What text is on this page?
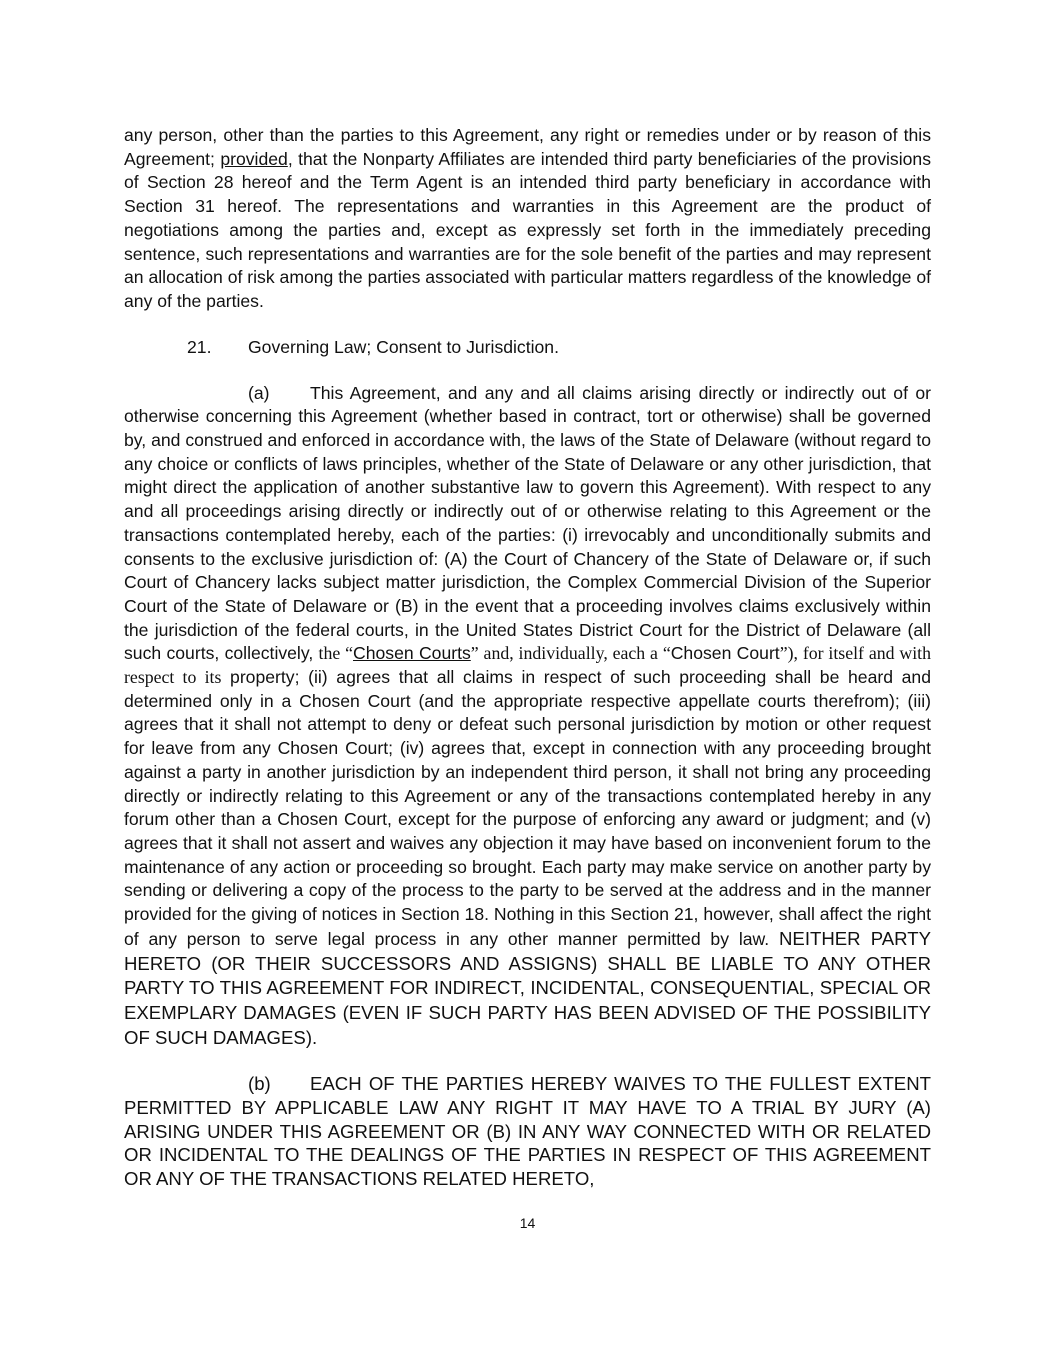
any person, other than the parties to this Agreement, any right or remedies under or by reason of this Agreement; provided, that the Nonparty Affiliates are intended third party beneficiaries of the provisions of Section 28 hereof and the Term Agent is an intended third party beneficiary in accordance with Section 31 hereof. The representations and warranties in this Agreement are the product of negotiations among the parties and, except as expressly set forth in the immediately preceding sentence, such representations and warranties are for the sole benefit of the parties and may represent an allocation of risk among the parties associated with particular matters regardless of the knowledge of any of the parties.

21. Governing Law; Consent to Jurisdiction.

(a) This Agreement, and any and all claims arising directly or indirectly out of or otherwise concerning this Agreement (whether based in contract, tort or otherwise) shall be governed by, and construed and enforced in accordance with, the laws of the State of Delaware (without regard to any choice or conflicts of laws principles, whether of the State of Delaware or any other jurisdiction, that might direct the application of another substantive law to govern this Agreement). With respect to any and all proceedings arising directly or indirectly out of or otherwise relating to this Agreement or the transactions contemplated hereby, each of the parties: (i) irrevocably and unconditionally submits and consents to the exclusive jurisdiction of: (A) the Court of Chancery of the State of Delaware or, if such Court of Chancery lacks subject matter jurisdiction, the Complex Commercial Division of the Superior Court of the State of Delaware or (B) in the event that a proceeding involves claims exclusively within the jurisdiction of the federal courts, in the United States District Court for the District of Delaware (all such courts, collectively, the “Chosen Courts” and, individually, each a “Chosen Court”), for itself and with respect to its property; (ii) agrees that all claims in respect of such proceeding shall be heard and determined only in a Chosen Court (and the appropriate respective appellate courts therefrom); (iii) agrees that it shall not attempt to deny or defeat such personal jurisdiction by motion or other request for leave from any Chosen Court; (iv) agrees that, except in connection with any proceeding brought against a party in another jurisdiction by an independent third person, it shall not bring any proceeding directly or indirectly relating to this Agreement or any of the transactions contemplated hereby in any forum other than a Chosen Court, except for the purpose of enforcing any award or judgment; and (v) agrees that it shall not assert and waives any objection it may have based on inconvenient forum to the maintenance of any action or proceeding so brought. Each party may make service on another party by sending or delivering a copy of the process to the party to be served at the address and in the manner provided for the giving of notices in Section 18. Nothing in this Section 21, however, shall affect the right of any person to serve legal process in any other manner permitted by law. NEITHER PARTY HERETO (OR THEIR SUCCESSORS AND ASSIGNS) SHALL BE LIABLE TO ANY OTHER PARTY TO THIS AGREEMENT FOR INDIRECT, INCIDENTAL, CONSEQUENTIAL, SPECIAL OR EXEMPLARY DAMAGES (EVEN IF SUCH PARTY HAS BEEN ADVISED OF THE POSSIBILITY OF SUCH DAMAGES).

(b) EACH OF THE PARTIES HEREBY WAIVES TO THE FULLEST EXTENT PERMITTED BY APPLICABLE LAW ANY RIGHT IT MAY HAVE TO A TRIAL BY JURY (A) ARISING UNDER THIS AGREEMENT OR (B) IN ANY WAY CONNECTED WITH OR RELATED OR INCIDENTAL TO THE DEALINGS OF THE PARTIES IN RESPECT OF THIS AGREEMENT OR ANY OF THE TRANSACTIONS RELATED HERETO,

14
